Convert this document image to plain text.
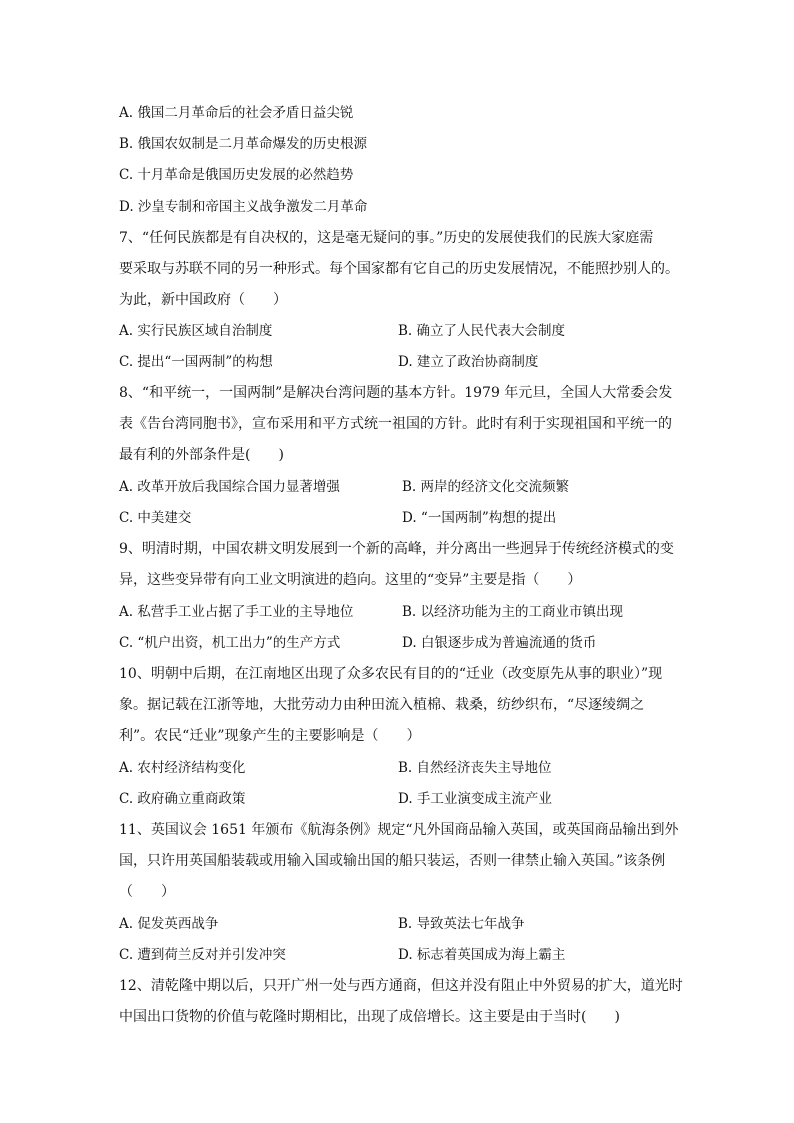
A. 俄国二月革命后的社会矛盾日益尖锐
B. 俄国农奴制是二月革命爆发的历史根源
C. 十月革命是俄国历史发展的必然趋势
D. 沙皇专制和帝国主义战争激发二月革命
7、“任何民族都是有自决权的，这是毫无疑问的事。”历史的发展使我们的民族大家庭需
要采取与苏联不同的另一种形式。每个国家都有它自己的历史发展情况，不能照抄别人的。
为此，新中国政府（　　）
A. 实行民族区域自治制度	B. 确立了人民代表大会制度
C. 提出“一国两制”的构想	D. 建立了政治协商制度
8、“和平统一，一国两制”是解决台湾问题的基本方针。1979 年元旦，全国人大常委会发
表《告台湾同胞书》，宣布采用和平方式统一祖国的方针。此时有利于实现祖国和平统一的
最有利的外部条件是(　　)
A. 改革开放后我国综合国力显著增强	B. 两岸的经济文化交流频繁
C. 中美建交	D. “一国两制”构想的提出
9、明清时期，中国农耕文明发展到一个新的高峰，并分离出一些迥异于传统经济模式的变
异，这些变异带有向工业文明演进的趋向。这里的“变异”主要是指（　　）
A. 私营手工业占据了手工业的主导地位	B. 以经济功能为主的工商业市镇出现
C. “机户出资，机工出力”的生产方式	D. 白银逐步成为普遍流通的货币
10、明朝中后期，在江南地区出现了众多农民有目的的“迁业（改变原先从事的职业）”现
象。据记载在江浙等地，大批劳动力由种田流入植棉、栽桑，纺纱织布，“尽逐绫绸之
利”。农民“迁业”现象产生的主要影响是（　　）
A. 农村经济结构变化	B. 自然经济丧失主导地位
C. 政府确立重商政策	D. 手工业演变成主流产业
11、英国议会 1651 年颁布《航海条例》规定“凡外国商品输入英国，或英国商品输出到外
国，只许用英国船装载或用输入国或输出国的船只装运，否则一律禁止输入英国。”该条例
（　　）
A. 促发英西战争	B. 导致英法七年战争
C. 遭到荷兰反对并引发冲突	D. 标志着英国成为海上霸主
12、清乾隆中期以后，只开广州一处与西方通商，但这并没有阻止中外贸易的扩大，道光时
中国出口货物的价值与乾隆时期相比，出现了成倍增长。这主要是由于当时(　　)
